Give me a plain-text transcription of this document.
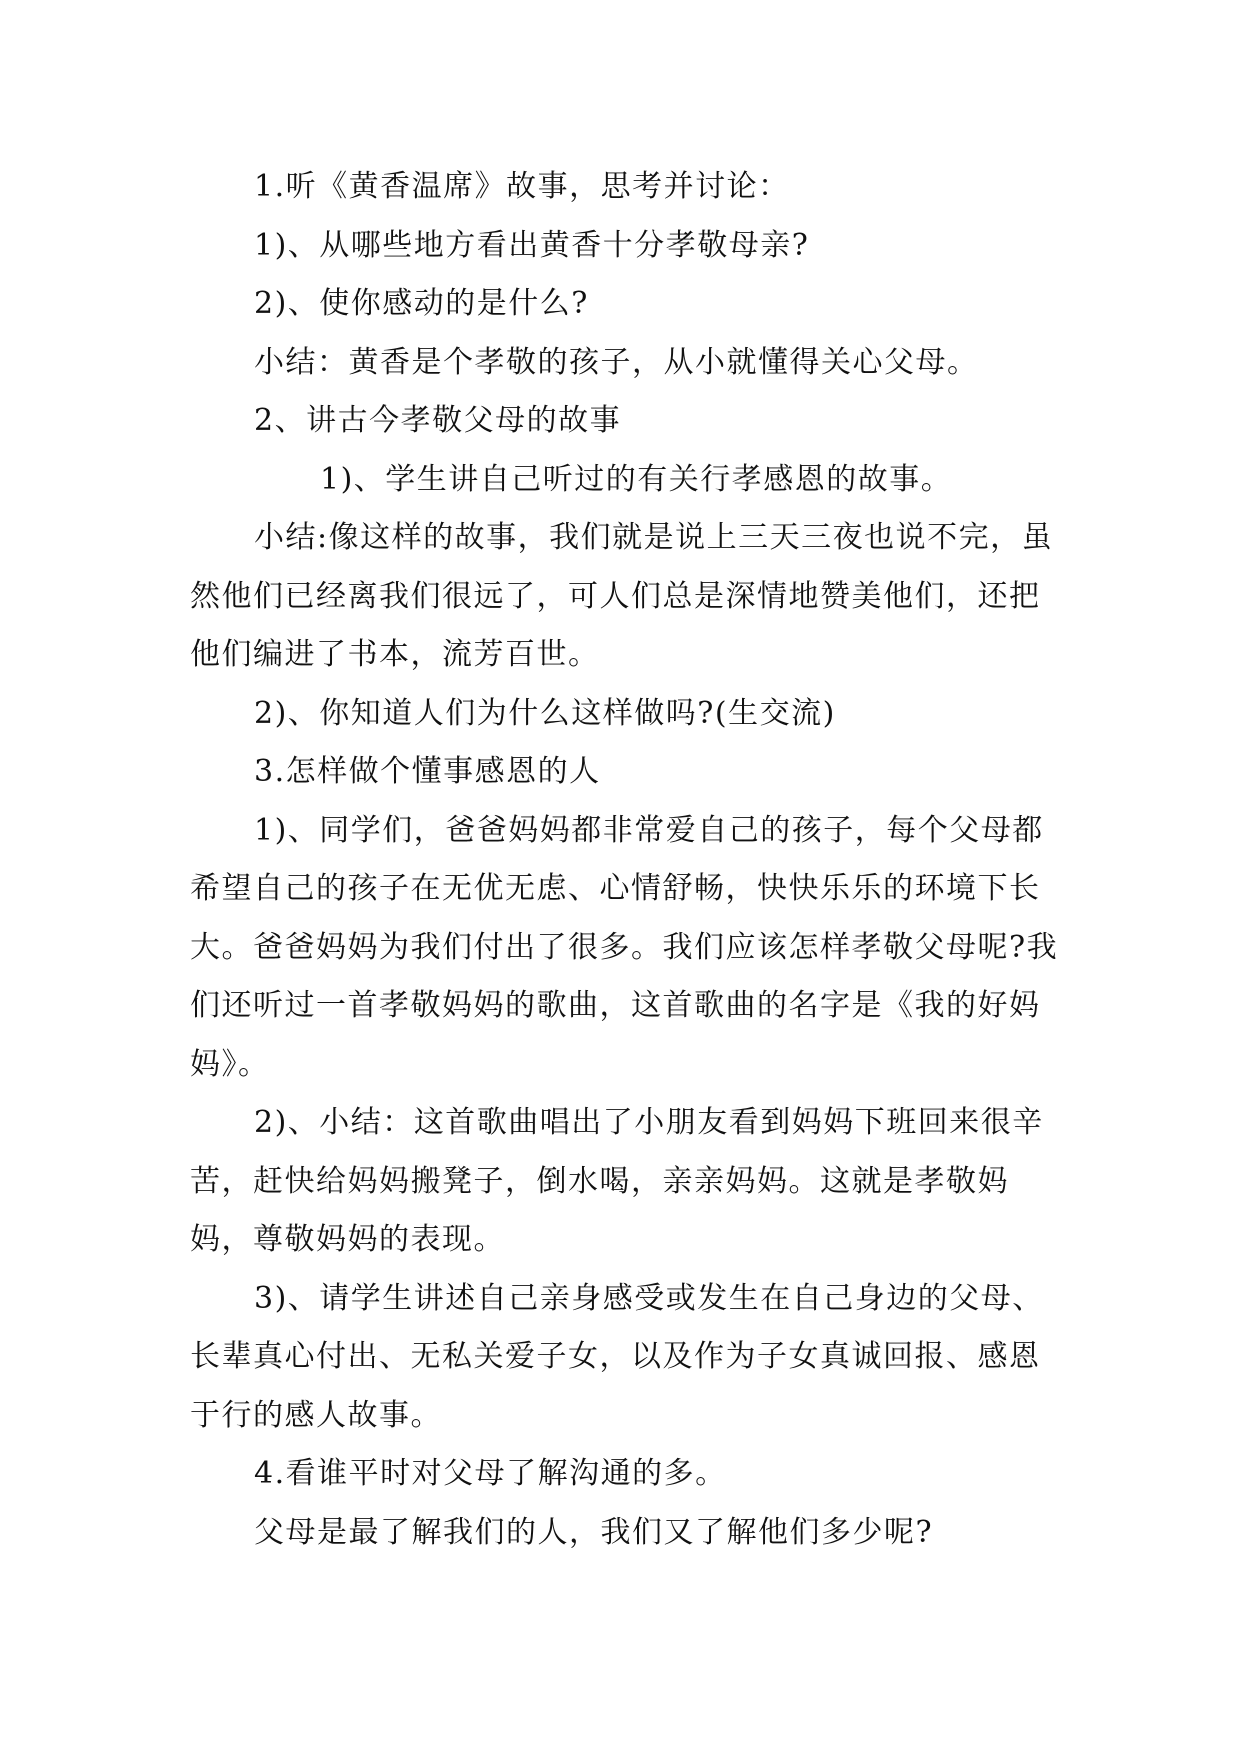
1.听《黄香温席》故事，思考并讨论：

1)、从哪些地方看出黄香十分孝敬母亲?

2)、使你感动的是什么?

小结：黄香是个孝敬的孩子，从小就懂得关心父母。

2、讲古今孝敬父母的故事

1)、学生讲自己听过的有关行孝感恩的故事。

小结:像这样的故事，我们就是说上三天三夜也说不完，虽然他们已经离我们很远了，可人们总是深情地赞美他们，还把他们编进了书本，流芳百世。

2)、你知道人们为什么这样做吗?(生交流)

3.怎样做个懂事感恩的人

1)、同学们，爸爸妈妈都非常爱自己的孩子，每个父母都希望自己的孩子在无优无虑、心情舒畅，快快乐乐的环境下长大。爸爸妈妈为我们付出了很多。我们应该怎样孝敬父母呢?我们还听过一首孝敬妈妈的歌曲，这首歌曲的名字是《我的好妈妈》。

2)、小结：这首歌曲唱出了小朋友看到妈妈下班回来很辛苦，赶快给妈妈搬凳子，倒水喝，亲亲妈妈。这就是孝敬妈妈，尊敬妈妈的表现。

3)、请学生讲述自己亲身感受或发生在自己身边的父母、长辈真心付出、无私关爱子女，以及作为子女真诚回报、感恩于行的感人故事。

4.看谁平时对父母了解沟通的多。

父母是最了解我们的人，我们又了解他们多少呢?
